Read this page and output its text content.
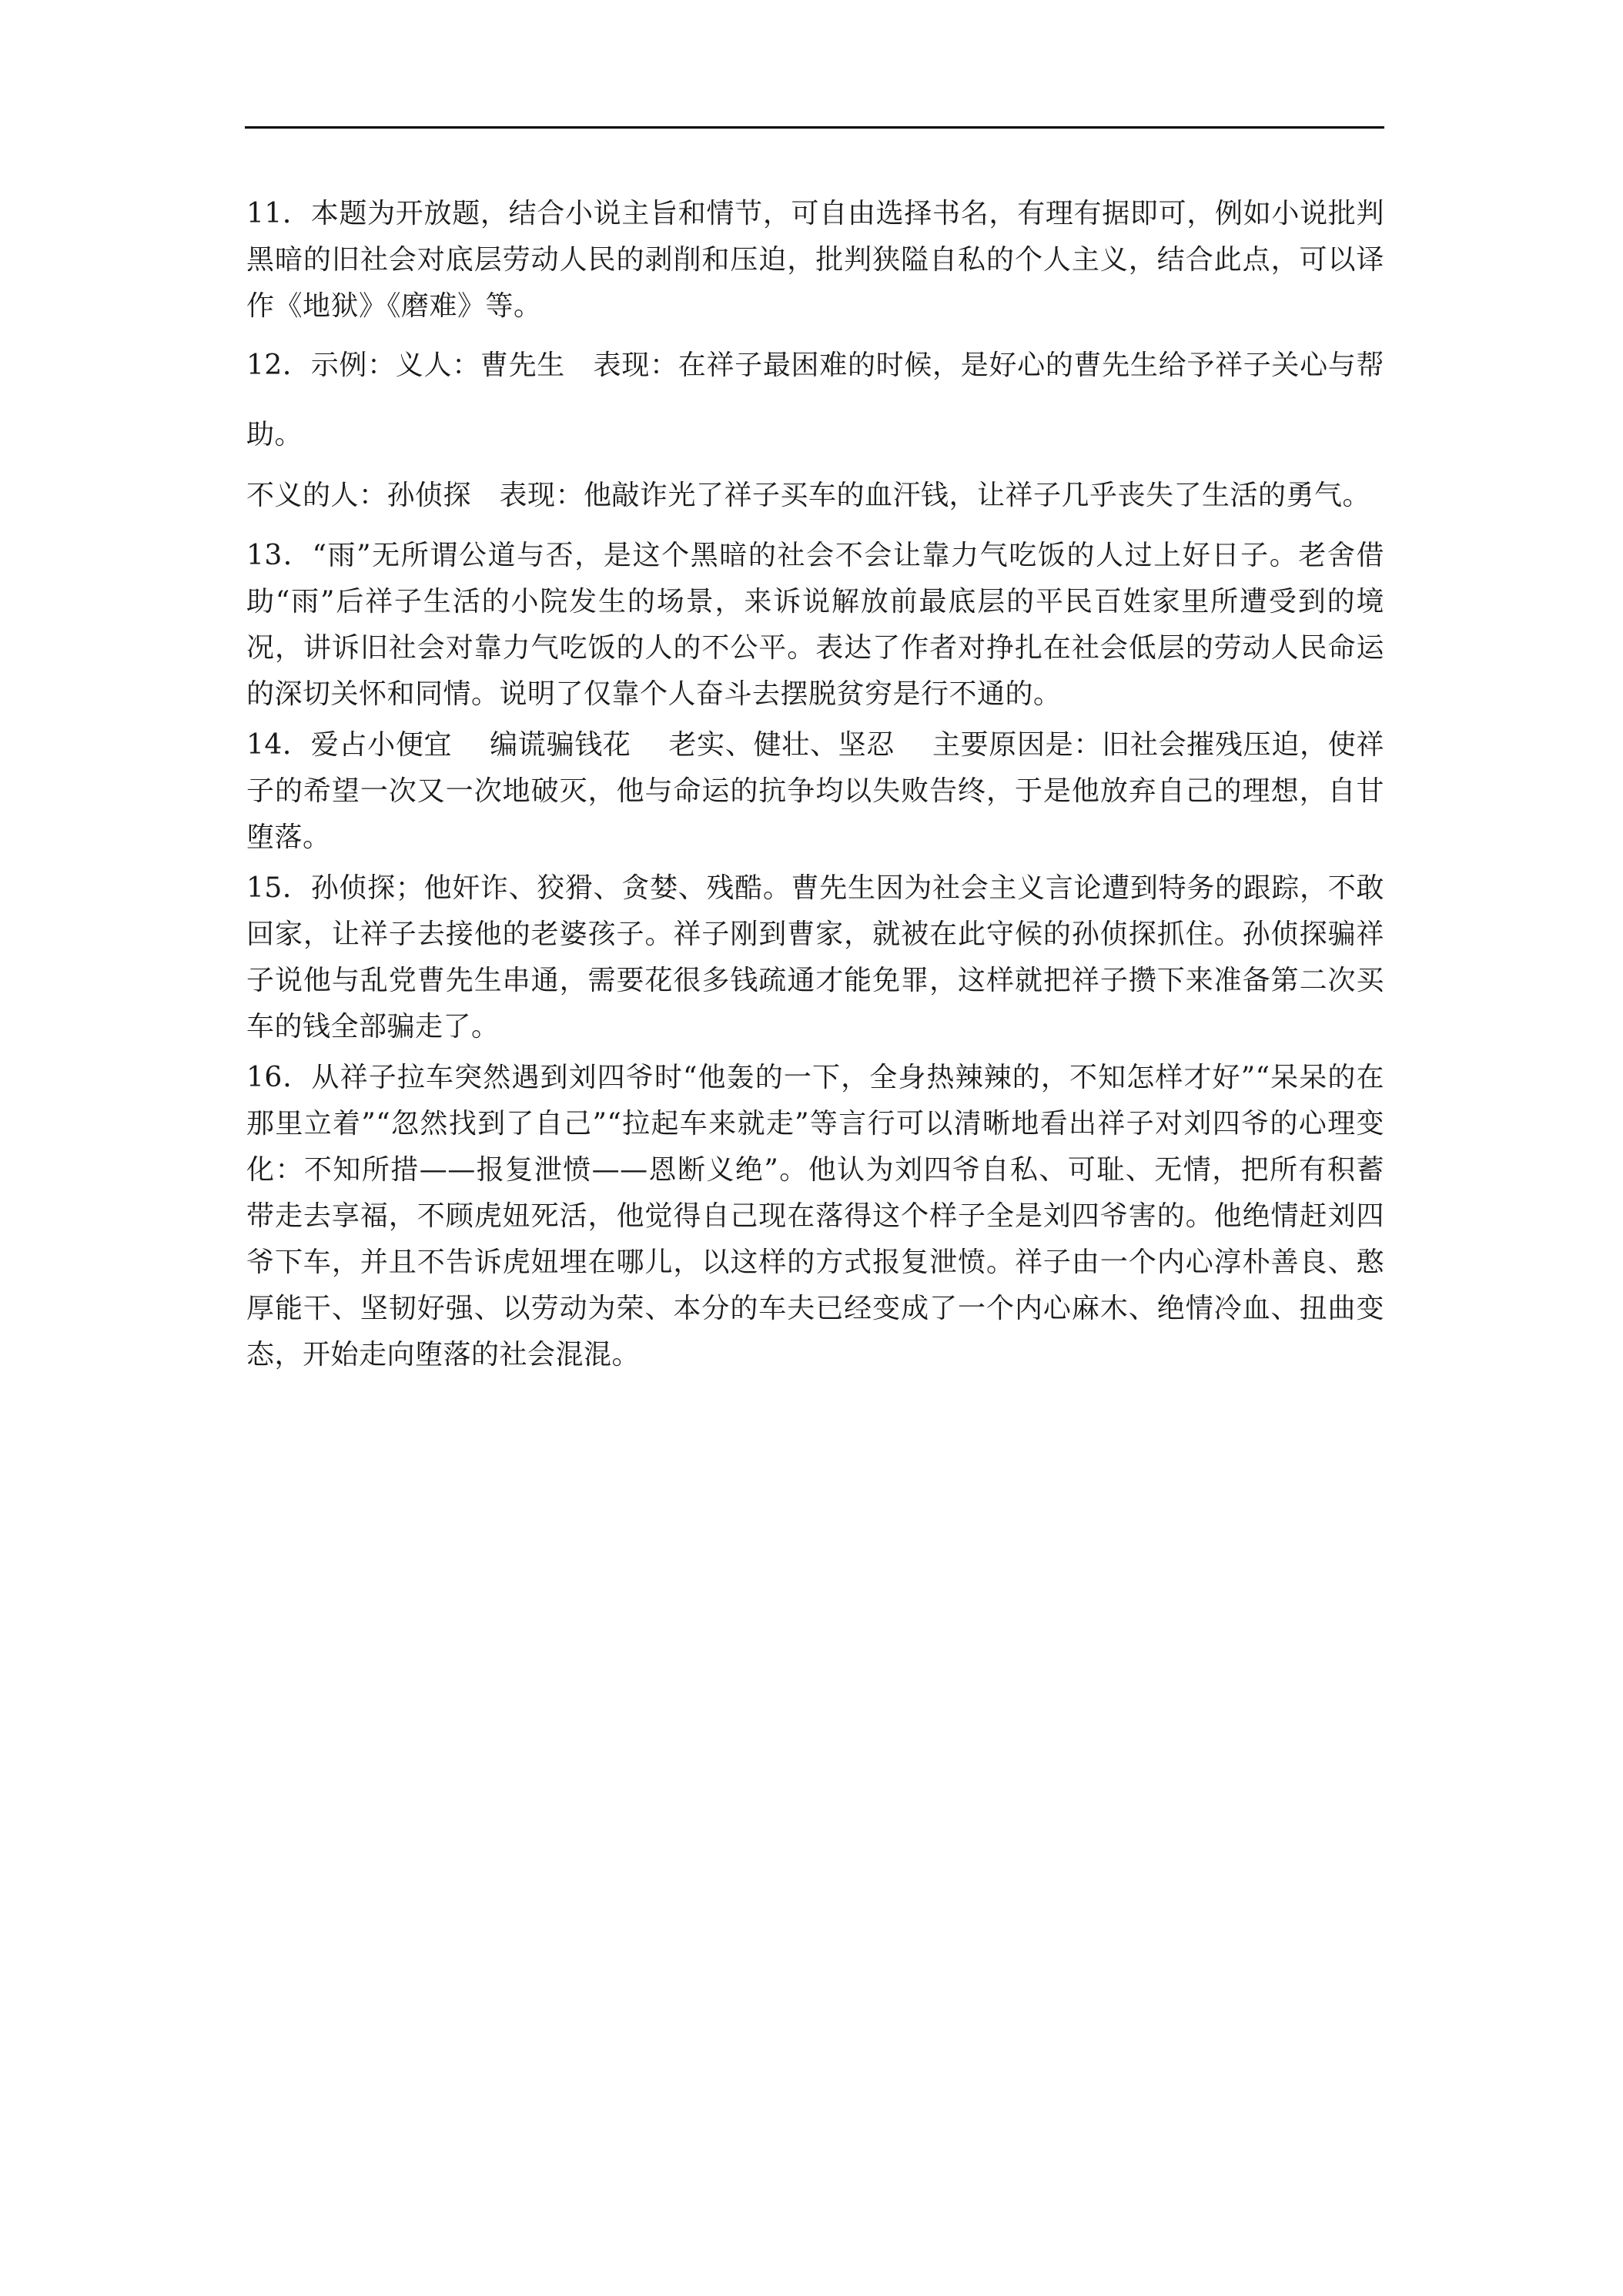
11．本题为开放题，结合小说主旨和情节，可自由选择书名，有理有据即可，例如小说批判黑暗的旧社会对底层劳动人民的剥削和压迫，批判狭隘自私的个人主义，结合此点，可以译作《地狱》《磨难》等。

12．示例：义人：曹先生　表现：在祥子最困难的时候，是好心的曹先生给予祥子关心与帮助。

不义的人：孙侦探　表现：他敲诈光了祥子买车的血汗钱，让祥子几乎丧失了生活的勇气。

13．“雨”无所谓公道与否，是这个黑暗的社会不会让靠力气吃饭的人过上好日子。老舍借助“雨”后祥子生活的小院发生的场景，来诉说解放前最底层的平民百姓家里所遭受到的境况，讲诉旧社会对靠力气吃饭的人的不公平。表达了作者对挣扎在社会低层的劳动人民命运的深切关怀和同情。说明了仅靠个人奋斗去摆脱贫穷是行不通的。

14．爱占小便宜　 编谎骗钱花　 老实、健壮、坚忍　 主要原因是：旧社会摧残压迫，使祥子的希望一次又一次地破灭，他与命运的抗争均以失败告终，于是他放弃自己的理想，自甘堕落。

15．孙侦探；他奸诈、狡猾、贪婪、残酷。曹先生因为社会主义言论遭到特务的跟踪，不敢回家，让祥子去接他的老婆孩子。祥子刚到曹家，就被在此守候的孙侦探抓住。孙侦探骗祥子说他与乱党曹先生串通，需要花很多钱疏通才能免罪，这样就把祥子攒下来准备第二次买车的钱全部骗走了。

16．从祥子拉车突然遇到刘四爷时“他轰的一下，全身热辣辣的，不知怎样才好”“呆呆的在那里立着”“忽然找到了自己”“拉起车来就走”等言行可以清晰地看出祥子对刘四爷的心理变化：不知所措——报复泄愤——恩断义绝”。他认为刘四爷自私、可耻、无情，把所有积蓄带走去享福，不顾虎妞死活，他觉得自己现在落得这个样子全是刘四爷害的。他绝情赶刘四爷下车，并且不告诉虎妞埋在哪儿，以这样的方式报复泄愤。祥子由一个内心淳朴善良、憨厚能干、坚韧好强、以劳动为荣、本分的车夫已经变成了一个内心麻木、绝情冷血、扭曲变态，开始走向堕落的社会混混。
